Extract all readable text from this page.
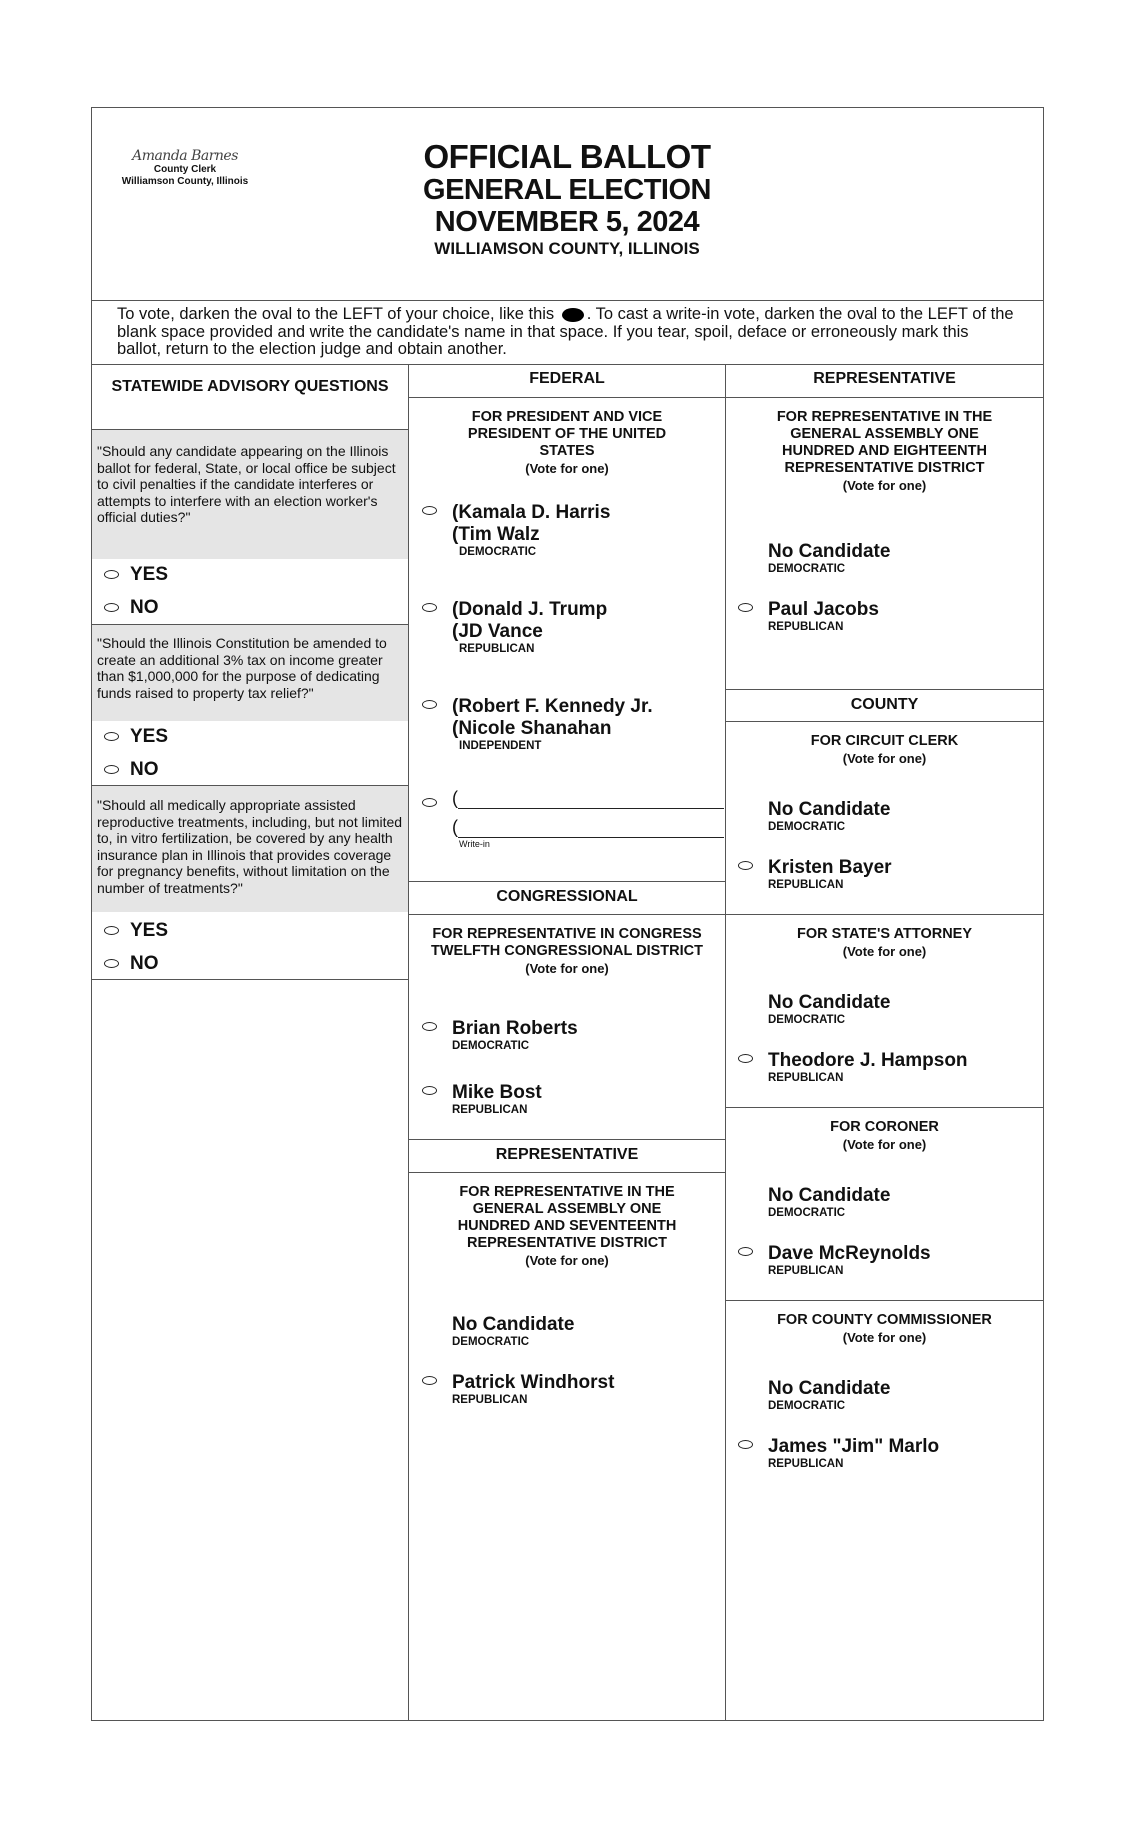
Amanda Barnes
County Clerk
Williamson County, Illinois
OFFICIAL BALLOT
GENERAL ELECTION
NOVEMBER 5, 2024
WILLIAMSON COUNTY, ILLINOIS
To vote, darken the oval to the LEFT of your choice, like this . To cast a write-in vote, darken the oval to the LEFT of the blank space provided and write the candidate's name in that space. If you tear, spoil, deface or erroneously mark this ballot, return to the election judge and obtain another.
STATEWIDE ADVISORY QUESTIONS
"Should any candidate appearing on the Illinois ballot for federal, State, or local office be subject to civil penalties if the candidate interferes or attempts to interfere with an election worker's official duties?"
YES
NO
"Should the Illinois Constitution be amended to create an additional 3% tax on income greater than $1,000,000 for the purpose of dedicating funds raised to property tax relief?"
YES
NO
"Should all medically appropriate assisted reproductive treatments, including, but not limited to, in vitro fertilization, be covered by any health insurance plan in Illinois that provides coverage for pregnancy benefits, without limitation on the number of treatments?"
YES
NO
FEDERAL
FOR PRESIDENT AND VICE PRESIDENT OF THE UNITED STATES
(Vote for one)
(Kamala D. Harris
(Tim Walz
DEMOCRATIC
(Donald J. Trump
(JD Vance
REPUBLICAN
(Robert F. Kennedy Jr.
(Nicole Shanahan
INDEPENDENT
(
(
Write-in
CONGRESSIONAL
FOR REPRESENTATIVE IN CONGRESS TWELFTH CONGRESSIONAL DISTRICT
(Vote for one)
Brian Roberts
DEMOCRATIC
Mike Bost
REPUBLICAN
REPRESENTATIVE
FOR REPRESENTATIVE IN THE GENERAL ASSEMBLY ONE HUNDRED AND SEVENTEENTH REPRESENTATIVE DISTRICT
(Vote for one)
No Candidate
DEMOCRATIC
Patrick Windhorst
REPUBLICAN
REPRESENTATIVE
FOR REPRESENTATIVE IN THE GENERAL ASSEMBLY ONE HUNDRED AND EIGHTEENTH REPRESENTATIVE DISTRICT
(Vote for one)
No Candidate
DEMOCRATIC
Paul Jacobs
REPUBLICAN
COUNTY
FOR CIRCUIT CLERK
(Vote for one)
No Candidate
DEMOCRATIC
Kristen Bayer
REPUBLICAN
FOR STATE'S ATTORNEY
(Vote for one)
No Candidate
DEMOCRATIC
Theodore J. Hampson
REPUBLICAN
FOR CORONER
(Vote for one)
No Candidate
DEMOCRATIC
Dave McReynolds
REPUBLICAN
FOR COUNTY COMMISSIONER
(Vote for one)
No Candidate
DEMOCRATIC
James "Jim" Marlo
REPUBLICAN
